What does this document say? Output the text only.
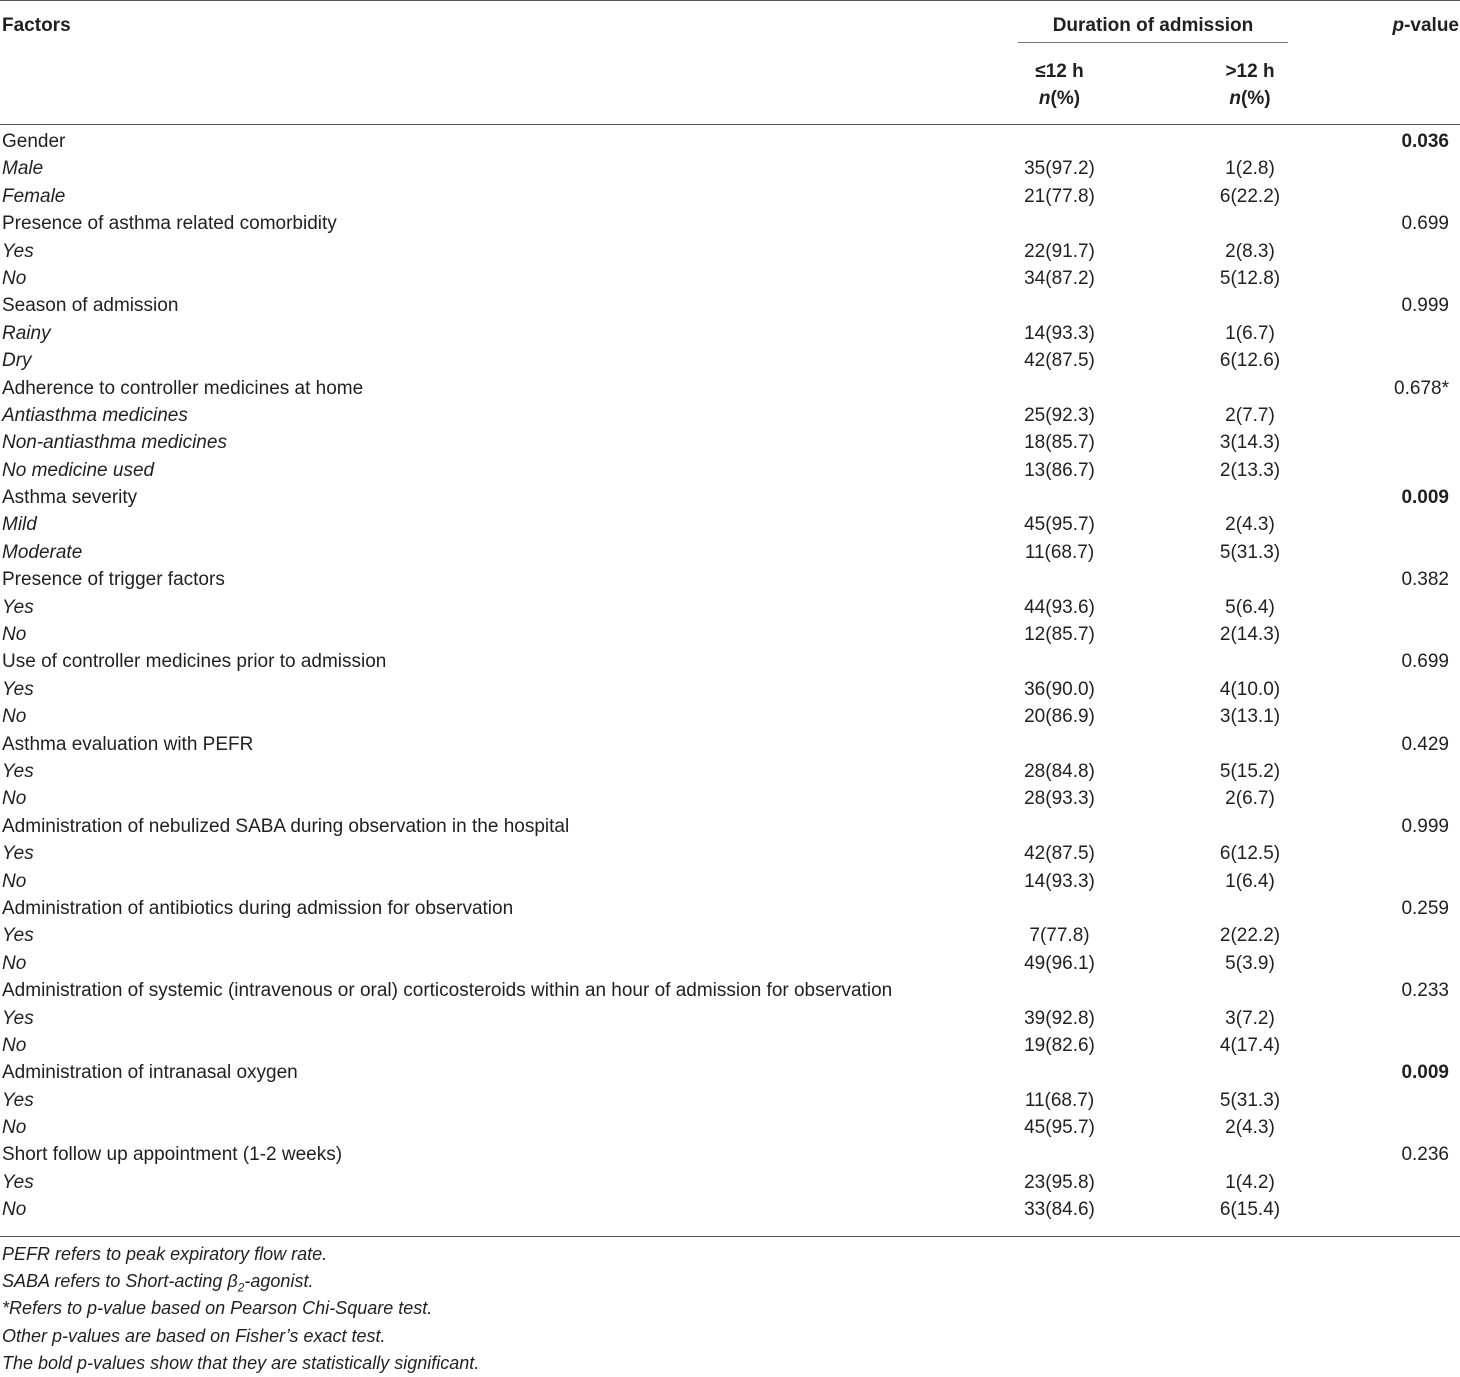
Factors	Duration of admission	p-value
≤12 h
n(%)
>12 h
n(%)
Gender	0.036
Male	35(97.2)	1(2.8)
Female	21(77.8)	6(22.2)
Presence of asthma related comorbidity	0.699
Yes	22(91.7)	2(8.3)
No	34(87.2)	5(12.8)
Season of admission	0.999
Rainy	14(93.3)	1(6.7)
Dry	42(87.5)	6(12.6)
Adherence to controller medicines at home	0.678*
Antiasthma medicines	25(92.3)	2(7.7)
Non-antiasthma medicines	18(85.7)	3(14.3)
No medicine used	13(86.7)	2(13.3)
Asthma severity	0.009
Mild	45(95.7)	2(4.3)
Moderate	11(68.7)	5(31.3)
Presence of trigger factors	0.382
Yes	44(93.6)	5(6.4)
No	12(85.7)	2(14.3)
Use of controller medicines prior to admission	0.699
Yes	36(90.0)	4(10.0)
No	20(86.9)	3(13.1)
Asthma evaluation with PEFR	0.429
Yes	28(84.8)	5(15.2)
No	28(93.3)	2(6.7)
Administration of nebulized SABA during observation in the hospital	0.999
Yes	42(87.5)	6(12.5)
No	14(93.3)	1(6.4)
Administration of antibiotics during admission for observation	0.259
Yes	7(77.8)	2(22.2)
No	49(96.1)	5(3.9)
Administration of systemic (intravenous or oral) corticosteroids within an hour of admission for observation	0.233
Yes	39(92.8)	3(7.2)
No	19(82.6)	4(17.4)
Administration of intranasal oxygen	0.009
Yes	11(68.7)	5(31.3)
No	45(95.7)	2(4.3)
Short follow up appointment (1-2 weeks)	0.236
Yes	23(95.8)	1(4.2)
No	33(84.6)	6(15.4)
PEFR refers to peak expiratory flow rate.
SABA refers to Short-acting $\beta_2$-agonist.
*Refers to p-value based on Pearson Chi-Square test.
Other p-values are based on Fisher’s exact test.
The bold p-values show that they are statistically significant.
